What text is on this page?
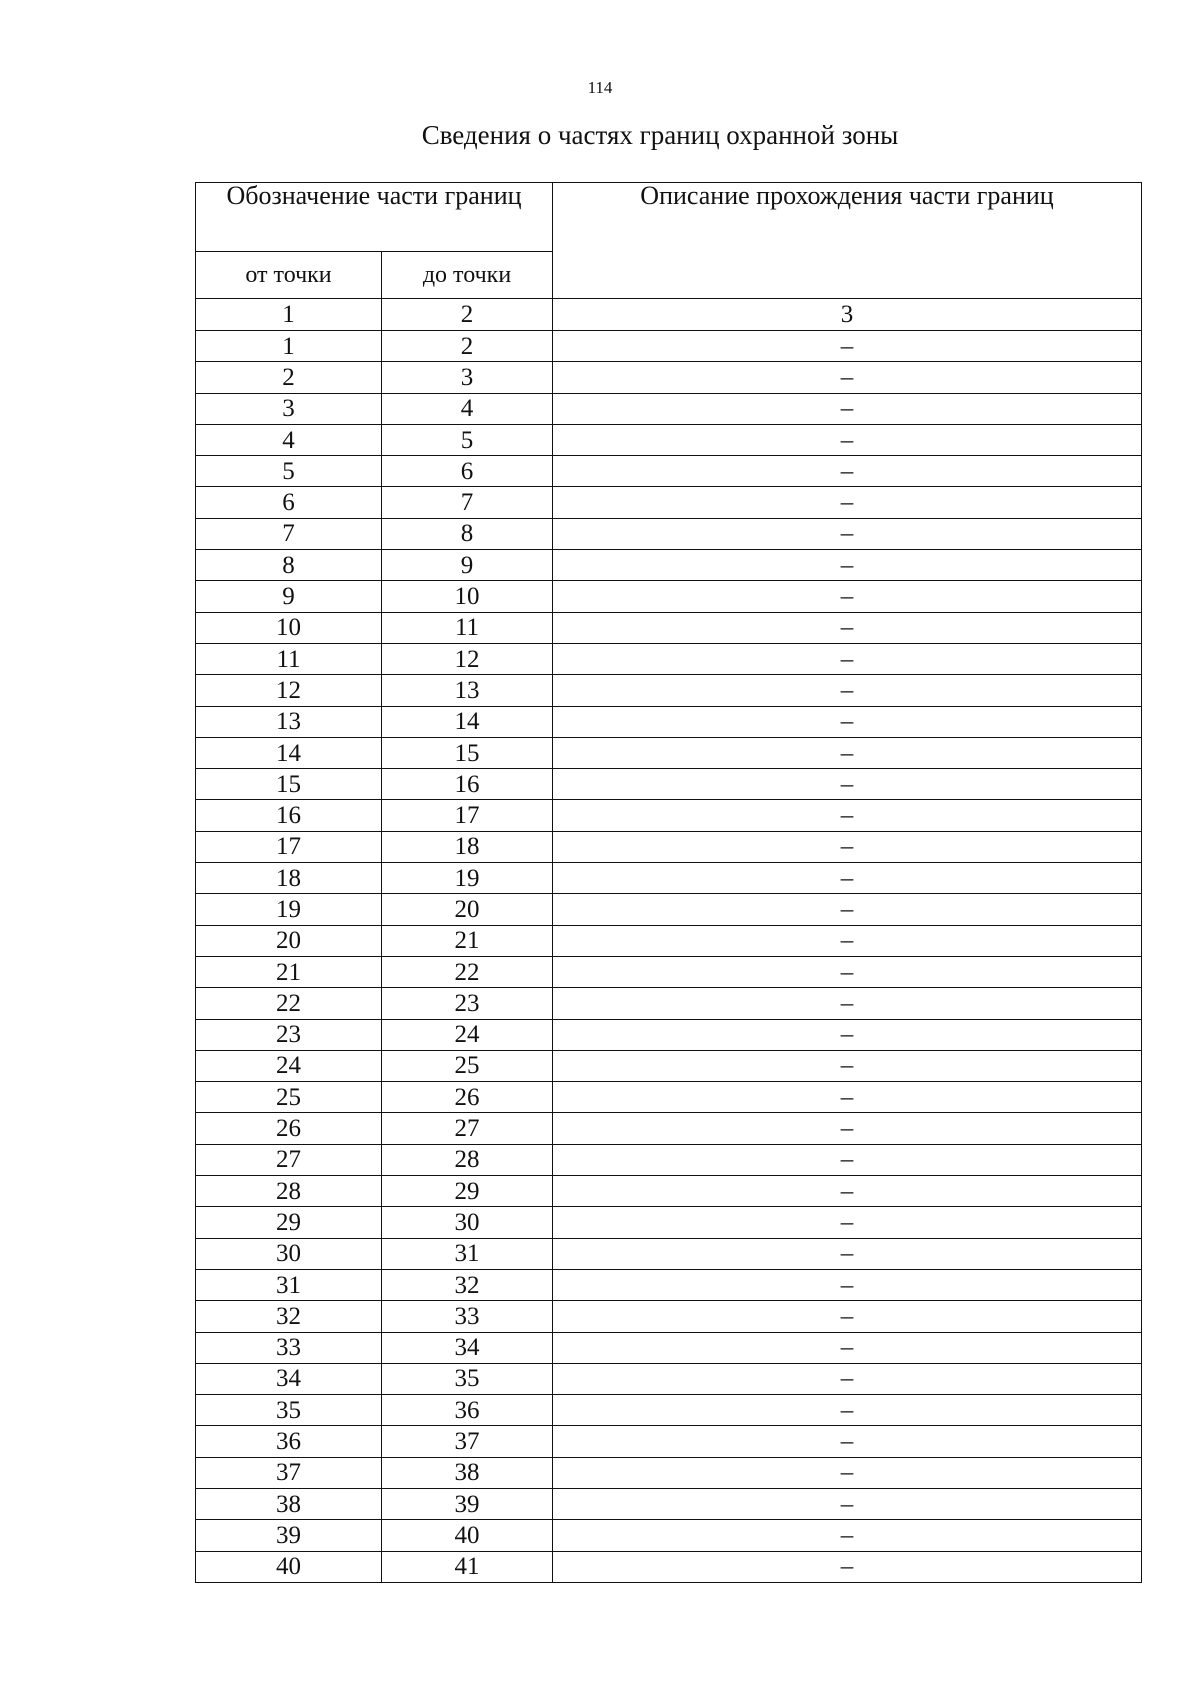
114
Сведения о частях границ охранной зоны
Обозначение части границ		Описание прохождения части границ
от точки	до точки	
1	2	3
1	2	–
2	3	–
3	4	–
4	5	–
5	6	–
6	7	–
7	8	–
8	9	–
9	10	–
10	11	–
11	12	–
12	13	–
13	14	–
14	15	–
15	16	–
16	17	–
17	18	–
18	19	–
19	20	–
20	21	–
21	22	–
22	23	–
23	24	–
24	25	–
25	26	–
26	27	–
27	28	–
28	29	–
29	30	–
30	31	–
31	32	–
32	33	–
33	34	–
34	35	–
35	36	–
36	37	–
37	38	–
38	39	–
39	40	–
40	41	–
